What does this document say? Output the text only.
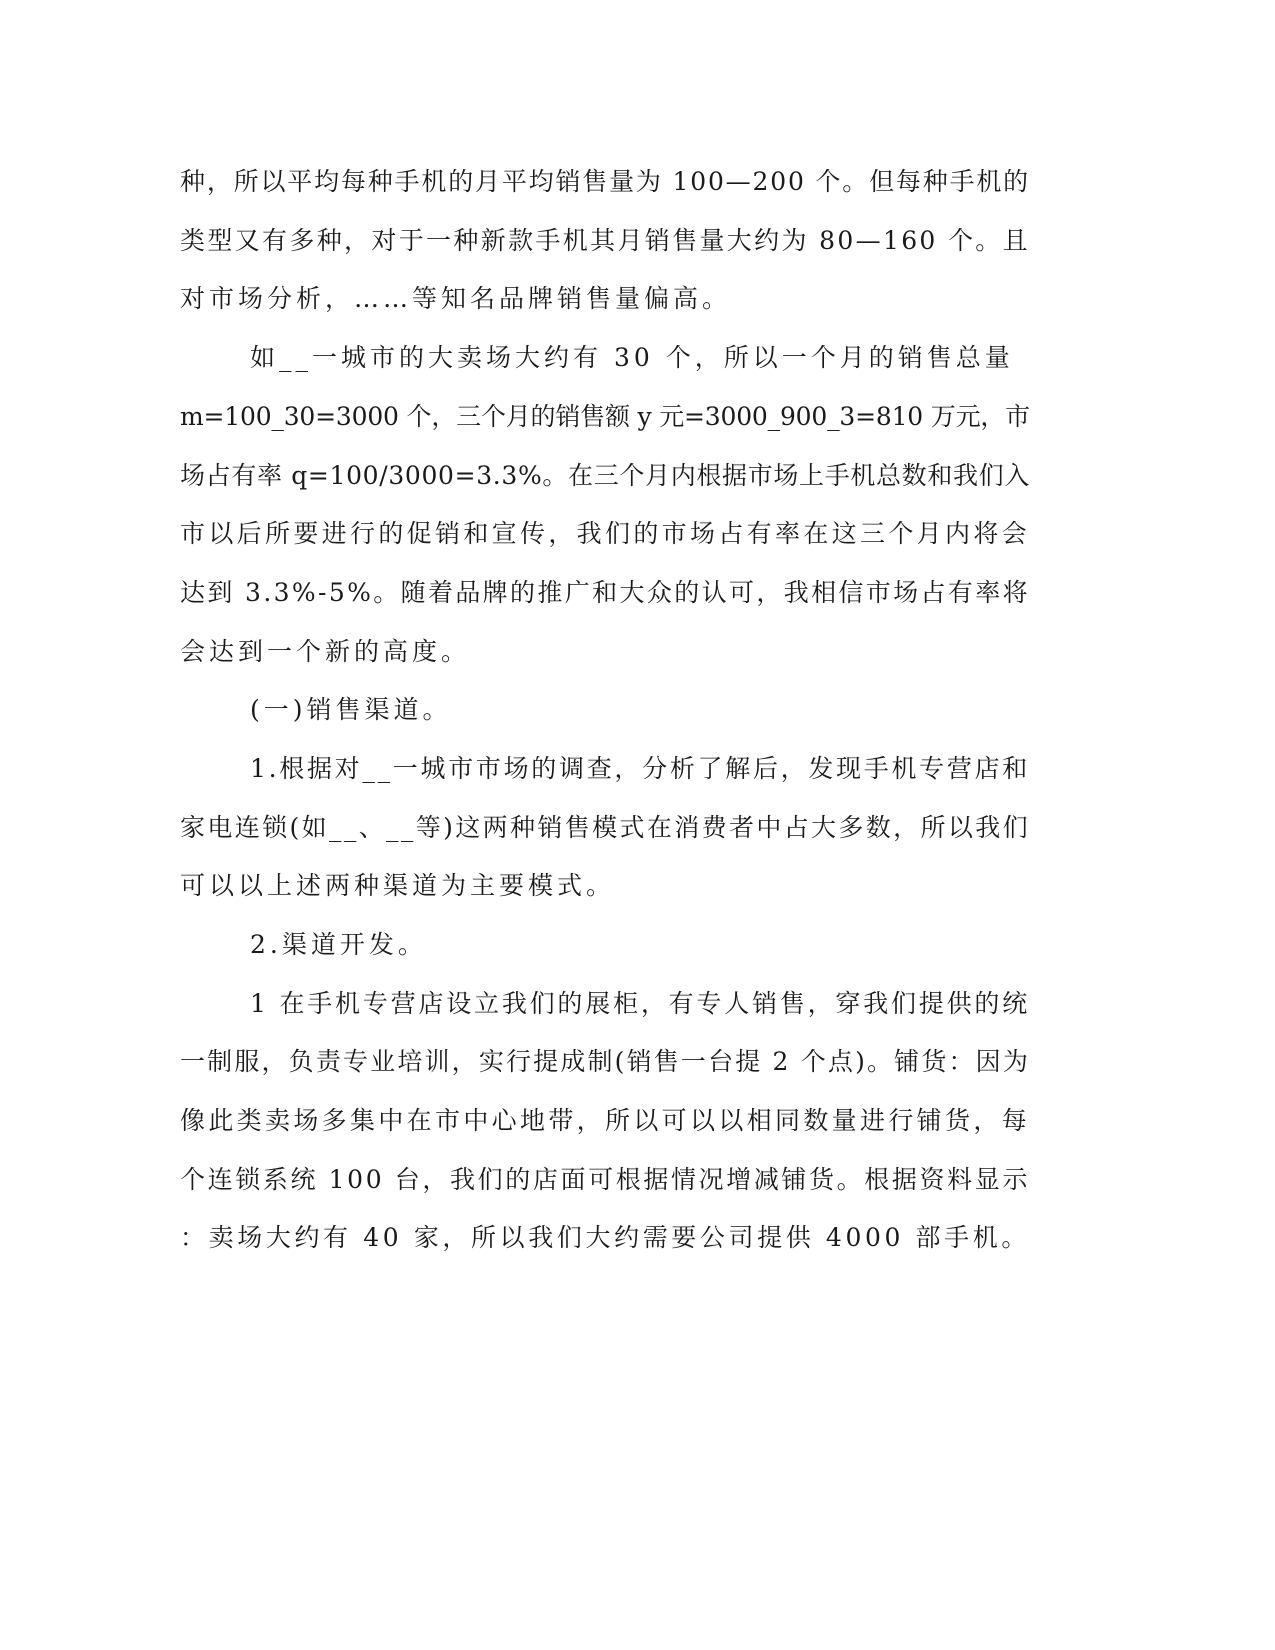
种，所以平均每种手机的月平均销售量为 100—200 个。但每种手机的
类型又有多种，对于一种新款手机其月销售量大约为 80—160 个。且
对市场分析，……等知名品牌销售量偏高。
如__一城市的大卖场大约有 30 个，所以一个月的销售总量
m=100_30=3000 个，三个月的销售额 y 元=3000_900_3=810 万元，市
场占有率 q=100/3000=3.3%。在三个月内根据市场上手机总数和我们入
市以后所要进行的促销和宣传，我们的市场占有率在这三个月内将会
达到 3.3%-5%。随着品牌的推广和大众的认可，我相信市场占有率将
会达到一个新的高度。
(一)销售渠道。
1.根据对__一城市市场的调查，分析了解后，发现手机专营店和
家电连锁(如__、__等)这两种销售模式在消费者中占大多数，所以我们
可以以上述两种渠道为主要模式。
2.渠道开发。
1 在手机专营店设立我们的展柜，有专人销售，穿我们提供的统
一制服，负责专业培训，实行提成制(销售一台提 2 个点)。铺货：因为
像此类卖场多集中在市中心地带，所以可以以相同数量进行铺货，每
个连锁系统 100 台，我们的店面可根据情况增减铺货。根据资料显示
：卖场大约有 40 家，所以我们大约需要公司提供 4000 部手机。
